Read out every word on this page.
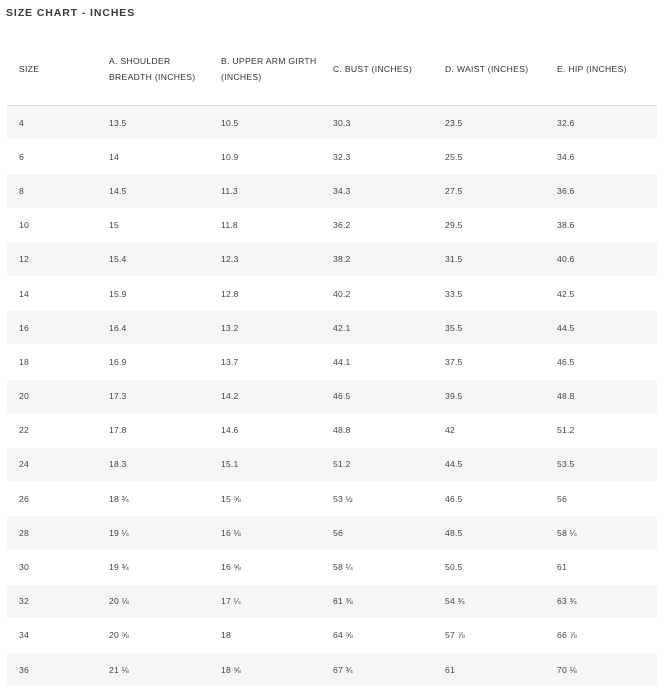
SIZE CHART - INCHES
SIZE	A. SHOULDER BREADTH (INCHES)	B. UPPER ARM GIRTH (INCHES)	C. BUST (INCHES)	D. WAIST (INCHES)	E. HIP (INCHES)
4	13.5	10.5	30.3	23.5	32.6
6	14	10.9	32.3	25.5	34.6
8	14.5	11.3	34.3	27.5	36.6
10	15	11.8	36.2	29.5	38.6
12	15.4	12.3	38.2	31.5	40.6
14	15.9	12.8	40.2	33.5	42.5
16	16.4	13.2	42.1	35.5	44.5
18	16.9	13.7	44.1	37.5	46.5
20	17.3	14.2	46.5	39.5	48.8
22	17.8	14.6	48.8	42	51.2
24	18.3	15.1	51.2	44.5	53.5
26	18 ¾	15 ⅝	53 ½	46.5	56
28	19 ¼	16 ⅛	56	48.5	58 ¼
30	19 ¾	16 ⅝	58 ¼	50.5	61
32	20 ⅛	17 ¼	61 ⅜	54 ¾	63 ¾
34	20 ⅝	18	64 ⅝	57 ⅞	66 ⅞
36	21 ⅛	18 ⅝	67 ¾	61	70 ⅛
